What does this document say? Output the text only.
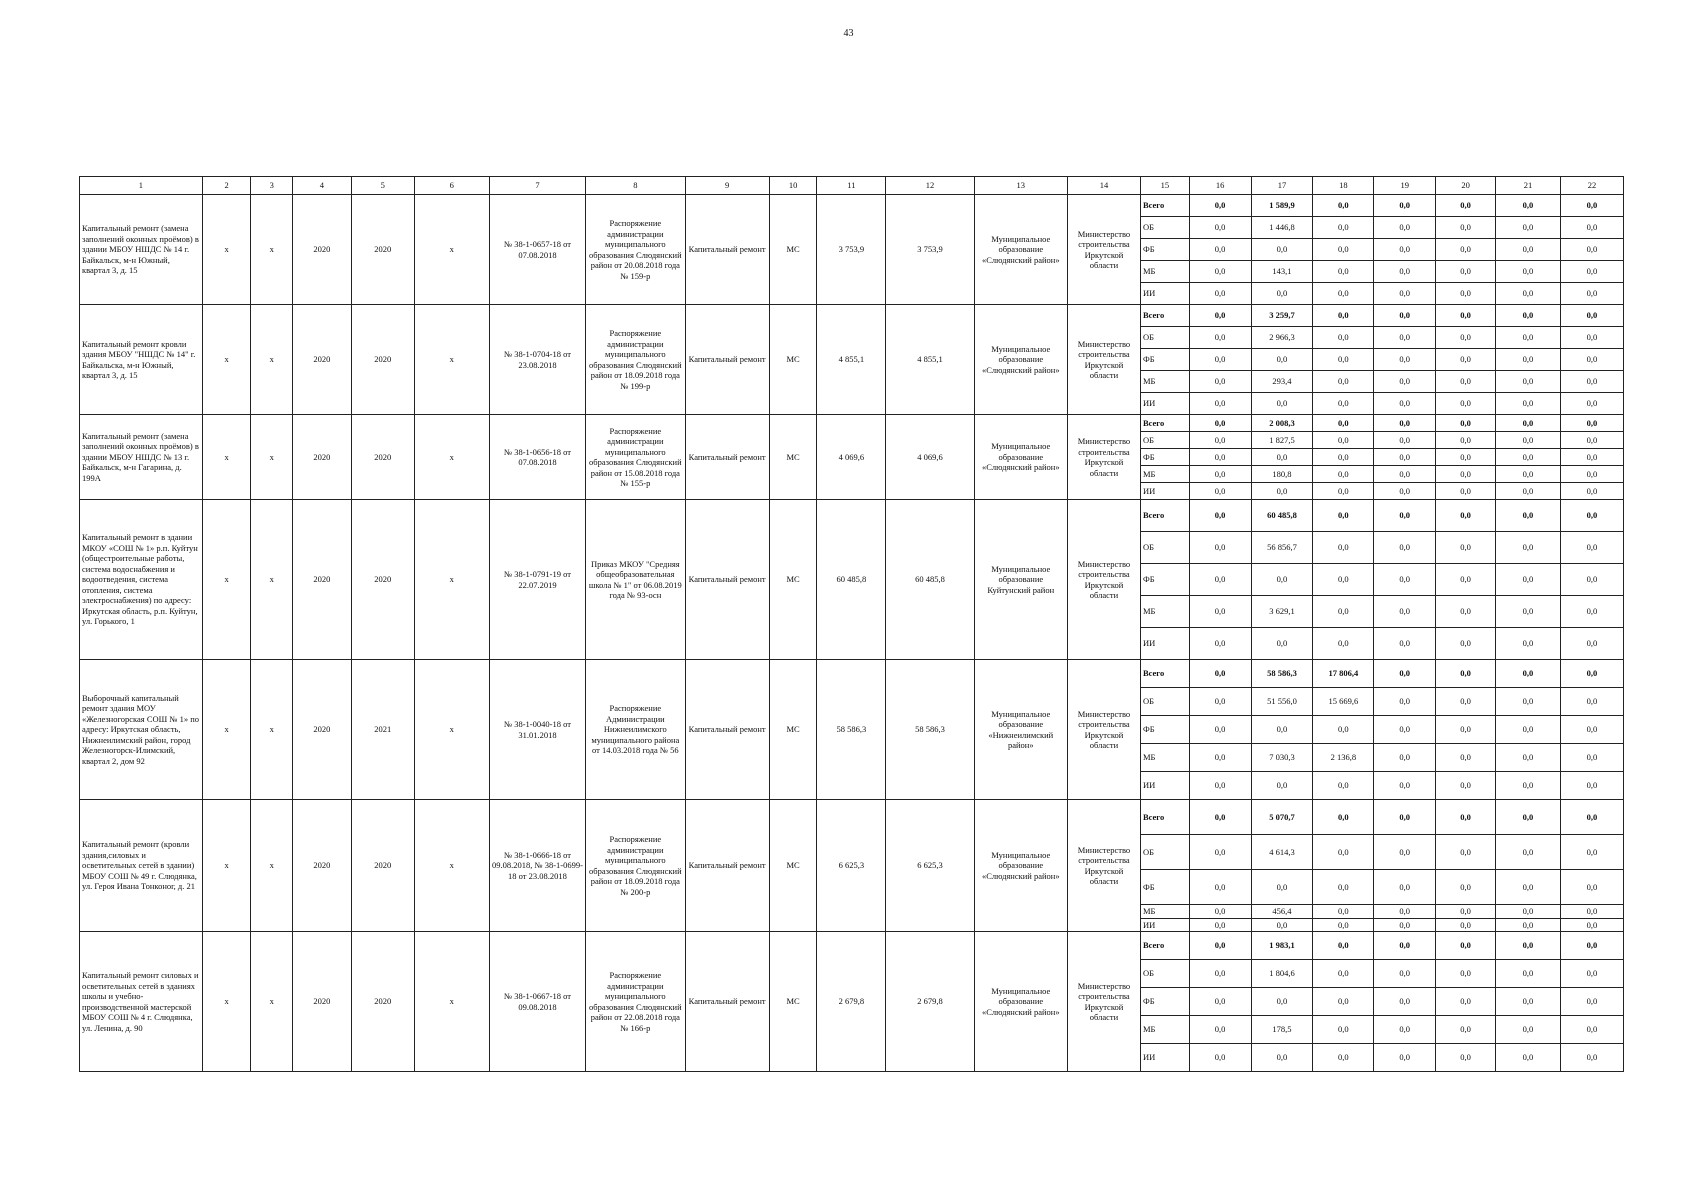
43
1	2	3	4	5	6	7	8	9	10	11	12	13	14	15	16	17	18	19	20	21	22
Капитальный ремонт (замена заполнений оконных проёмов) в здании МБОУ НШДС № 14 г. Байкальск, м-н Южный, квартал 3, д. 15	x	x	2020	2020	x	№ 38-1-0657-18 от 07.08.2018	Распоряжение администрации муниципального образования Слюдянский район от 20.08.2018 года № 159-р	Капитальный ремонт	МС	3 753,9	3 753,9	Муниципальное образование «Слюдянский район»	Министерство строительства Иркутской области	Всего	0,0	1 589,9	0,0	0,0	0,0	0,0	0,0
														ОБ	0,0	1 446,8	0,0	0,0	0,0	0,0	0,0
														ФБ	0,0	0,0	0,0	0,0	0,0	0,0	0,0
														МБ	0,0	143,1	0,0	0,0	0,0	0,0	0,0
														ИИ	0,0	0,0	0,0	0,0	0,0	0,0	0,0
Капитальный ремонт кровли здания МБОУ "НШДС № 14" г. Байкальска, м-н Южный, квартал 3, д. 15	x	x	2020	2020	x	№ 38-1-0704-18 от 23.08.2018	Распоряжение администрации муниципального образования Слюдянский район от 18.09.2018 года № 199-р	Капитальный ремонт	МС	4 855,1	4 855,1	Муниципальное образование «Слюдянский район»	Министерство строительства Иркутской области	Всего	0,0	3 259,7	0,0	0,0	0,0	0,0	0,0
														ОБ	0,0	2 966,3	0,0	0,0	0,0	0,0	0,0
														ФБ	0,0	0,0	0,0	0,0	0,0	0,0	0,0
														МБ	0,0	293,4	0,0	0,0	0,0	0,0	0,0
														ИИ	0,0	0,0	0,0	0,0	0,0	0,0	0,0
Капитальный ремонт (замена заполнений оконных проёмов) в здании МБОУ НШДС № 13 г. Байкальск, м-н Гагарина, д. 199А	x	x	2020	2020	x	№ 38-1-0656-18 от 07.08.2018	Распоряжение администрации муниципального образования Слюдянский район от 15.08.2018 года № 155-р	Капитальный ремонт	МС	4 069,6	4 069,6	Муниципальное образование «Слюдянский район»	Министерство строительства Иркутской области	Всего	0,0	2 008,3	0,0	0,0	0,0	0,0	0,0
														ОБ	0,0	1 827,5	0,0	0,0	0,0	0,0	0,0
														ФБ	0,0	0,0	0,0	0,0	0,0	0,0	0,0
														МБ	0,0	180,8	0,0	0,0	0,0	0,0	0,0
														ИИ	0,0	0,0	0,0	0,0	0,0	0,0	0,0
Капитальный ремонт в здании МКОУ «СОШ № 1» р.п. Куйтун (общестроительные работы, система водоснабжения и водоотведения, система отопления, система электроснабжения) по адресу: Иркутская область, р.п. Куйтун, ул. Горького, 1	x	x	2020	2020	x	№ 38-1-0791-19 от 22.07.2019	Приказ МКОУ "Средняя общеобразовательная школа № 1" от 06.08.2019 года № 93-осн	Капитальный ремонт	МС	60 485,8	60 485,8	Муниципальное образование Куйтунский район	Министерство строительства Иркутской области	Всего	0,0	60 485,8	0,0	0,0	0,0	0,0	0,0
														ОБ	0,0	56 856,7	0,0	0,0	0,0	0,0	0,0
														ФБ	0,0	0,0	0,0	0,0	0,0	0,0	0,0
														МБ	0,0	3 629,1	0,0	0,0	0,0	0,0	0,0
														ИИ	0,0	0,0	0,0	0,0	0,0	0,0	0,0
Выборочный капитальный ремонт здания МОУ «Железногорская СОШ № 1» по адресу: Иркутская область, Нижнеилимский район, город Железногорск-Илимский, квартал 2, дом 92	x	x	2020	2021	x	№ 38-1-0040-18 от 31.01.2018	Распоряжение Администрации Нижнеилимского муниципального района от 14.03.2018 года № 56	Капитальный ремонт	МС	58 586,3	58 586,3	Муниципальное образование «Нижнеилимский район»	Министерство строительства Иркутской области	Всего	0,0	58 586,3	17 806,4	0,0	0,0	0,0	0,0
														ОБ	0,0	51 556,0	15 669,6	0,0	0,0	0,0	0,0
														ФБ	0,0	0,0	0,0	0,0	0,0	0,0	0,0
														МБ	0,0	7 030,3	2 136,8	0,0	0,0	0,0	0,0
														ИИ	0,0	0,0	0,0	0,0	0,0	0,0	0,0
Капитальный ремонт (кровли здания,силовых и осветительных сетей в здании) МБОУ СОШ № 49 г. Слюдянка, ул. Героя Ивана Тонконог, д. 21	x	x	2020	2020	x	№ 38-1-0666-18 от 09.08.2018, № 38-1-0699-18 от 23.08.2018	Распоряжение администрации муниципального образования Слюдянский район от 18.09.2018 года № 200-р	Капитальный ремонт	МС	6 625,3	6 625,3	Муниципальное образование «Слюдянский район»	Министерство строительства Иркутской области	Всего	0,0	5 070,7	0,0	0,0	0,0	0,0	0,0
														ОБ	0,0	4 614,3	0,0	0,0	0,0	0,0	0,0
														ФБ	0,0	0,0	0,0	0,0	0,0	0,0	0,0
														МБ	0,0	456,4	0,0	0,0	0,0	0,0	0,0
														ИИ	0,0	0,0	0,0	0,0	0,0	0,0	0,0
Капитальный ремонт силовых и осветительных сетей в зданиях школы и учебно-производственной мастерской МБОУ СОШ № 4 г. Слюдянка, ул. Ленина, д. 90	x	x	2020	2020	x	№ 38-1-0667-18 от 09.08.2018	Распоряжение администрации муниципального образования Слюдянский район от 22.08.2018 года № 166-р	Капитальный ремонт	МС	2 679,8	2 679,8	Муниципальное образование «Слюдянский район»	Министерство строительства Иркутской области	Всего	0,0	1 983,1	0,0	0,0	0,0	0,0	0,0
														ОБ	0,0	1 804,6	0,0	0,0	0,0	0,0	0,0
														ФБ	0,0	0,0	0,0	0,0	0,0	0,0	0,0
														МБ	0,0	178,5	0,0	0,0	0,0	0,0	0,0
														ИИ	0,0	0,0	0,0	0,0	0,0	0,0	0,0
